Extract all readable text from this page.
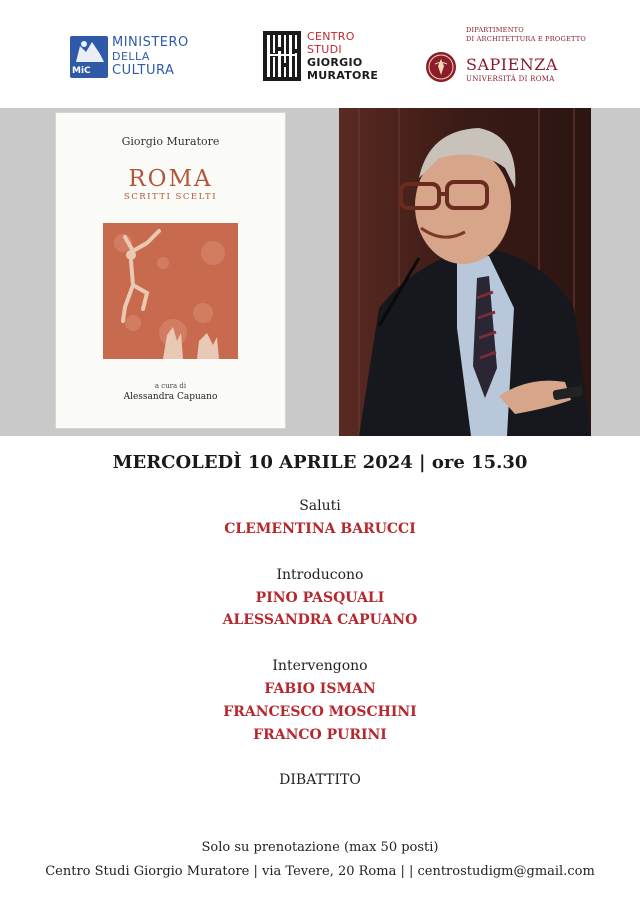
MiC
MINISTERO
DELLA
CULTURA
CENTRO
STUDI
GIORGIO
MURATORE
DIPARTIMENTO
DI ARCHITETTURA E PROGETTO
SAPIENZA
UNIVERSITÀ DI ROMA
Giorgio Muratore
ROMA
SCRITTI SCELTI
a cura di
Alessandra Capuano
MERCOLEDÌ 10 APRILE 2024 | ore 15.30
Saluti
CLEMENTINA BARUCCI
Introducono
PINO PASQUALI
ALESSANDRA CAPUANO
Intervengono
FABIO ISMAN
FRANCESCO MOSCHINI
FRANCO PURINI
DIBATTITO
Solo su prenotazione (max 50 posti)
Centro Studi Giorgio Muratore | via Tevere, 20 Roma | | centrostudigm@gmail.com
